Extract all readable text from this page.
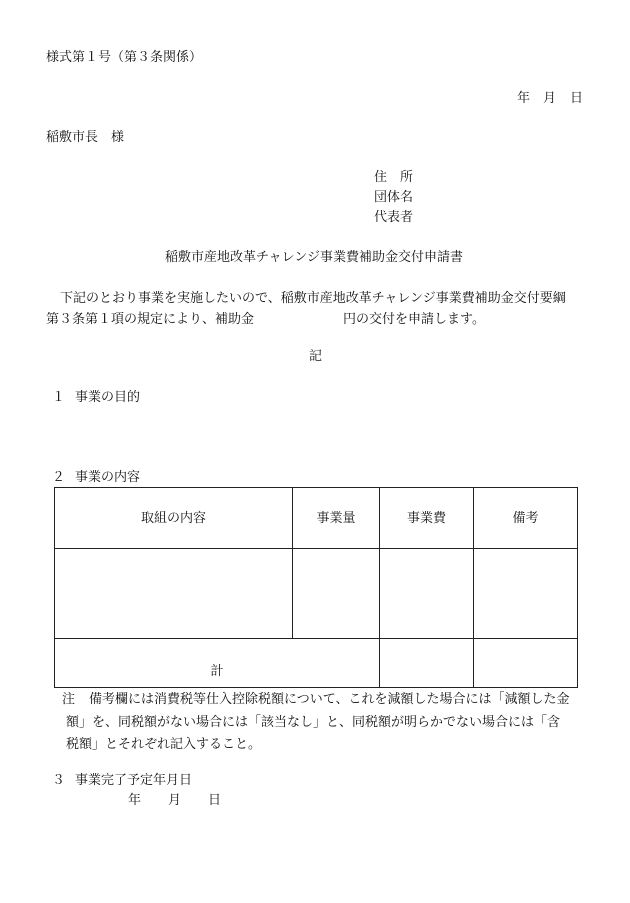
様式第１号（第３条関係）
年 月 日
稲敷市長　様
住　所
団体名
代表者
稲敷市産地改革チャレンジ事業費補助金交付申請書
下記のとおり事業を実施したいので、稲敷市産地改革チャレンジ事業費補助金交付要綱
第３条第１項の規定により、補助金	円の交付を申請します。
記
１ 事業の目的
２ 事業の内容
取組の内容	事業量	事業費	備考

計			
注 備考欄には消費税等仕入控除税額について、これを減額した場合には「減額した金
額」を、同税額がない場合には「該当なし」と、同税額が明らかでない場合には「含
税額」とそれぞれ記入すること。
３ 事業完了予定年月日
年 月 日
